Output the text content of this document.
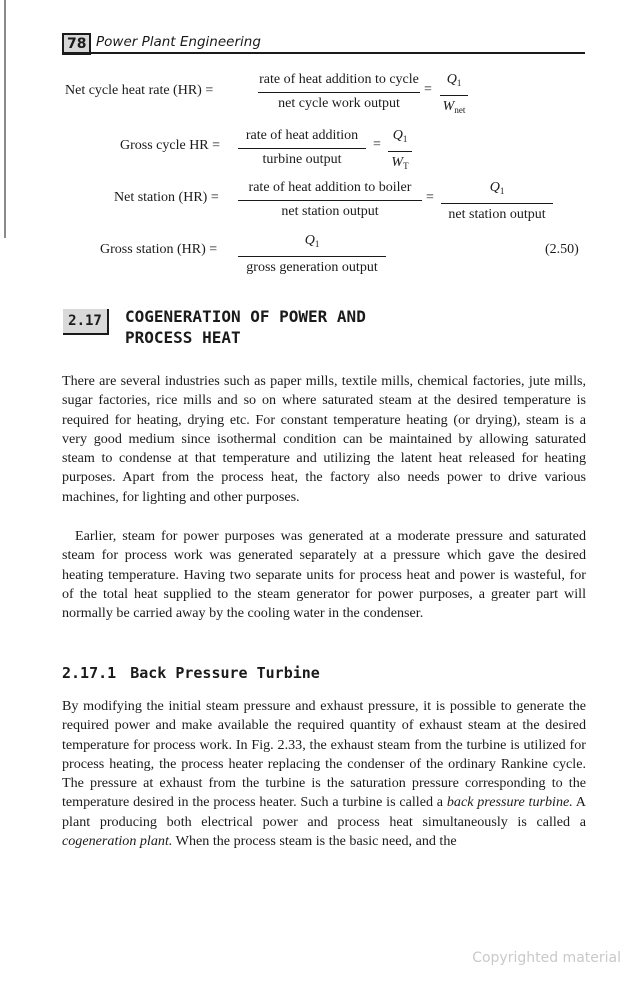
78 Power Plant Engineering
Net cycle heat rate (HR) =
rate of heat addition to cycle
net cycle work output
=
$Q_1$
$W_{net}$
Gross cycle HR =
rate of heat addition
turbine output
= $\frac{Q_1}{W_T}$
Net station (HR) =
rate of heat addition to boiler
net station output
=
$Q_1$
net station output
Gross station (HR) =
$Q_1$
gross generation output
(2.50)
2.17	COGENERATION OF POWER AND
PROCESS HEAT

There are several industries such as paper mills, textile mills, chemical factories, jute mills, sugar factories, rice mills and so on where saturated steam at the desired temperature is required for heating, drying etc. For constant temperature heating (or drying), steam is a very good medium since isothermal condition can be maintained by allowing saturated steam to condense at that temperature and utilizing the latent heat released for heating purposes. Apart from the process heat, the factory also needs power to drive various machines, for lighting and other purposes.

Earlier, steam for power purposes was generated at a moderate pressure and saturated steam for process work was generated separately at a pressure which gave the desired heating temperature. Having two separate units for process heat and power is wasteful, for of the total heat supplied to the steam generator for power purposes, a greater part will normally be carried away by the cooling water in the condenser.

2.17.1 Back Pressure Turbine

By modifying the initial steam pressure and exhaust pressure, it is possible to generate the required power and make available the required quantity of exhaust steam at the desired temperature for process work. In Fig. 2.33, the exhaust steam from the turbine is utilized for process heating, the process heater replacing the condenser of the ordinary Rankine cycle. The pressure at exhaust from the turbine is the saturation pressure corresponding to the temperature desired in the process heater. Such a turbine is called a back pressure turbine. A plant producing both electrical power and process heat simultaneously is called a cogeneration plant. When the process steam is the basic need, and the

Copyrighted material
